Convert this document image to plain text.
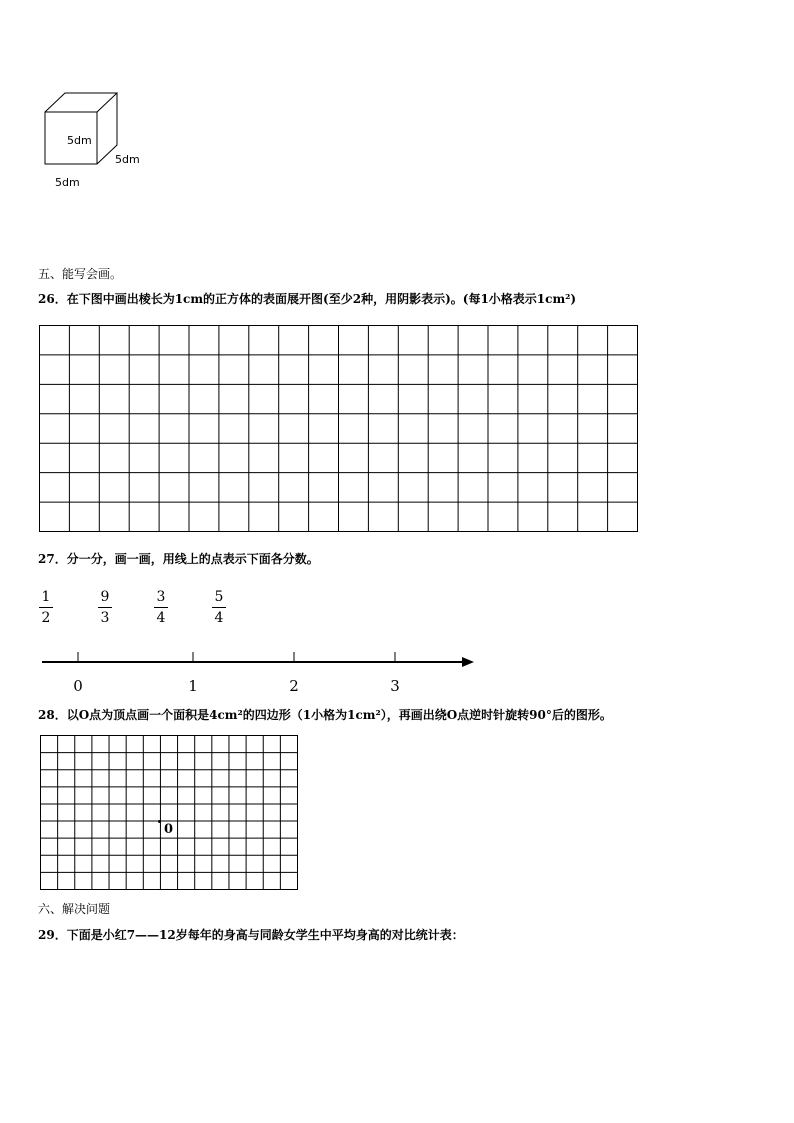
5dm
5dm
5dm
五、能写会画。
26．在下图中画出棱长为1cm的正方体的表面展开图(至少2种，用阴影表示)。(每1小格表示1cm²)
27．分一分，画一画，用线上的点表示下面各分数。
1
2
9
3
3
4
5
4
0	1	2	3
28．以O点为顶点画一个面积是4cm²的四边形（1小格为1cm²），再画出绕O点逆时针旋转90°后的图形。
0
六、解决问题
29．下面是小红7——12岁每年的身高与同龄女学生中平均身高的对比统计表：
